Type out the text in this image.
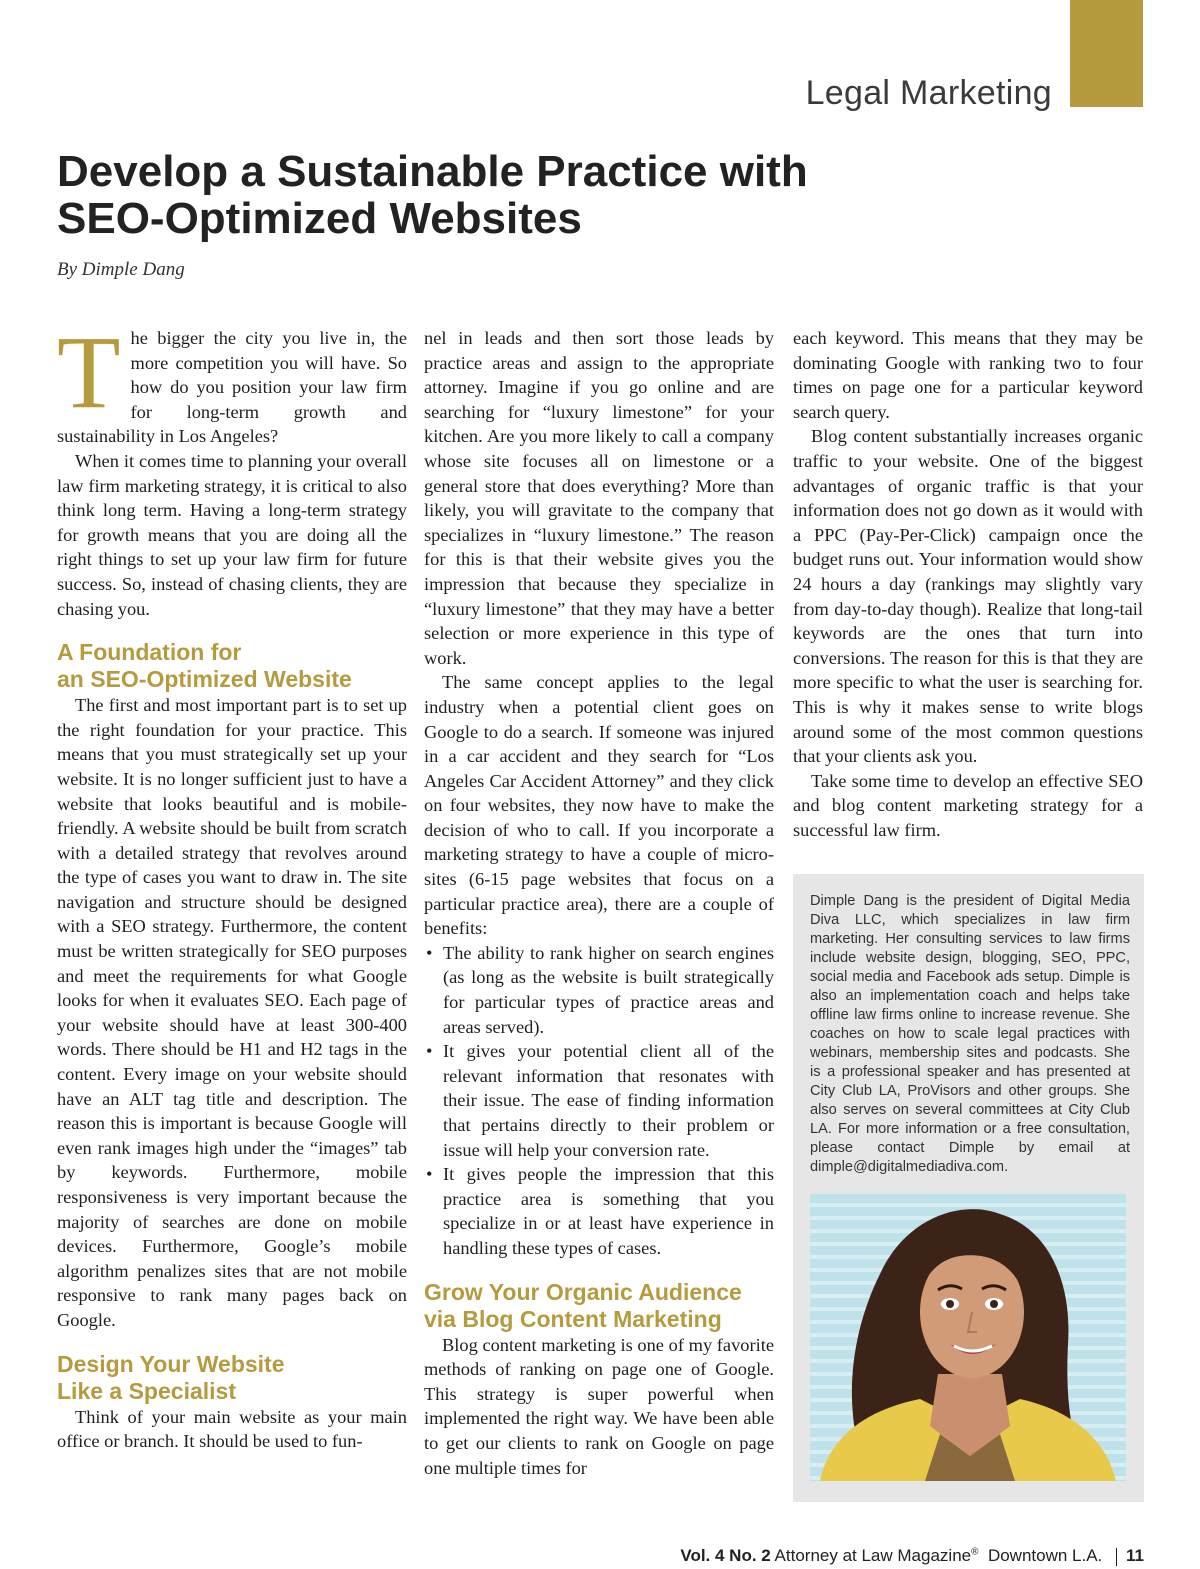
Legal Marketing
Develop a Sustainable Practice with
SEO-Optimized Websites
By Dimple Dang

The bigger the city you live in, the more competition you will have. So how do you position your law firm for long-term growth and sustainability in Los Angeles?

When it comes time to planning your overall law firm marketing strategy, it is critical to also think long term. Having a long-term strategy for growth means that you are doing all the right things to set up your law firm for future success. So, instead of chasing clients, they are chasing you.

A Foundation for
an SEO-Optimized Website

The first and most important part is to set up the right foundation for your practice. This means that you must strategically set up your website. It is no longer sufficient just to have a website that looks beautiful and is mobile-friendly. A website should be built from scratch with a detailed strategy that revolves around the type of cases you want to draw in. The site navigation and structure should be designed with a SEO strategy. Furthermore, the content must be written strategically for SEO purposes and meet the requirements for what Google looks for when it evaluates SEO. Each page of your website should have at least 300-400 words. There should be H1 and H2 tags in the content. Every image on your website should have an ALT tag title and description. The reason this is important is because Google will even rank images high under the “images” tab by keywords. Furthermore, mobile responsiveness is very important because the majority of searches are done on mobile devices. Furthermore, Google’s mobile algorithm penalizes sites that are not mobile responsive to rank many pages back on Google.

Design Your Website
Like a Specialist

Think of your main website as your main office or branch. It should be used to fun-

nel in leads and then sort those leads by practice areas and assign to the appropriate attorney. Imagine if you go online and are searching for “luxury limestone” for your kitchen. Are you more likely to call a company whose site focuses all on limestone or a general store that does everything? More than likely, you will gravitate to the company that specializes in “luxury limestone.” The reason for this is that their website gives you the impression that because they specialize in “luxury limestone” that they may have a better selection or more experience in this type of work.

The same concept applies to the legal industry when a potential client goes on Google to do a search. If someone was injured in a car accident and they search for “Los Angeles Car Accident Attorney” and they click on four websites, they now have to make the decision of who to call. If you incorporate a marketing strategy to have a couple of micro-sites (6-15 page websites that focus on a particular practice area), there are a couple of benefits:

• The ability to rank higher on search engines (as long as the website is built strategically for particular types of practice areas and areas served).
• It gives your potential client all of the relevant information that resonates with their issue. The ease of finding information that pertains directly to their problem or issue will help your conversion rate.
• It gives people the impression that this practice area is something that you specialize in or at least have experience in handling these types of cases.
Grow Your Organic Audience
via Blog Content Marketing

Blog content marketing is one of my favorite methods of ranking on page one of Google. This strategy is super powerful when implemented the right way. We have been able to get our clients to rank on Google on page one multiple times for

each keyword. This means that they may be dominating Google with ranking two to four times on page one for a particular keyword search query.

Blog content substantially increases organic traffic to your website. One of the biggest advantages of organic traffic is that your information does not go down as it would with a PPC (Pay-Per-Click) campaign once the budget runs out. Your information would show 24 hours a day (rankings may slightly vary from day-to-day though). Realize that long-tail keywords are the ones that turn into conversions. The reason for this is that they are more specific to what the user is searching for. This is why it makes sense to write blogs around some of the most common questions that your clients ask you.

Take some time to develop an effective SEO and blog content marketing strategy for a successful law firm.

Dimple Dang is the president of Digital Media Diva LLC, which specializes in law firm marketing. Her consulting services to law firms include website design, blogging, SEO, PPC, social media and Facebook ads setup. Dimple is also an implementation coach and helps take offline law firms online to increase revenue. She coaches on how to scale legal practices with webinars, membership sites and podcasts. She is a professional speaker and has presented at City Club LA, ProVisors and other groups. She also serves on several committees at City Club LA. For more information or a free consultation, please contact Dimple by email at dimple@digitalmediadiva.com.
Vol. 4 No. 2 Attorney at Law Magazine® Downtown L.A. 11
